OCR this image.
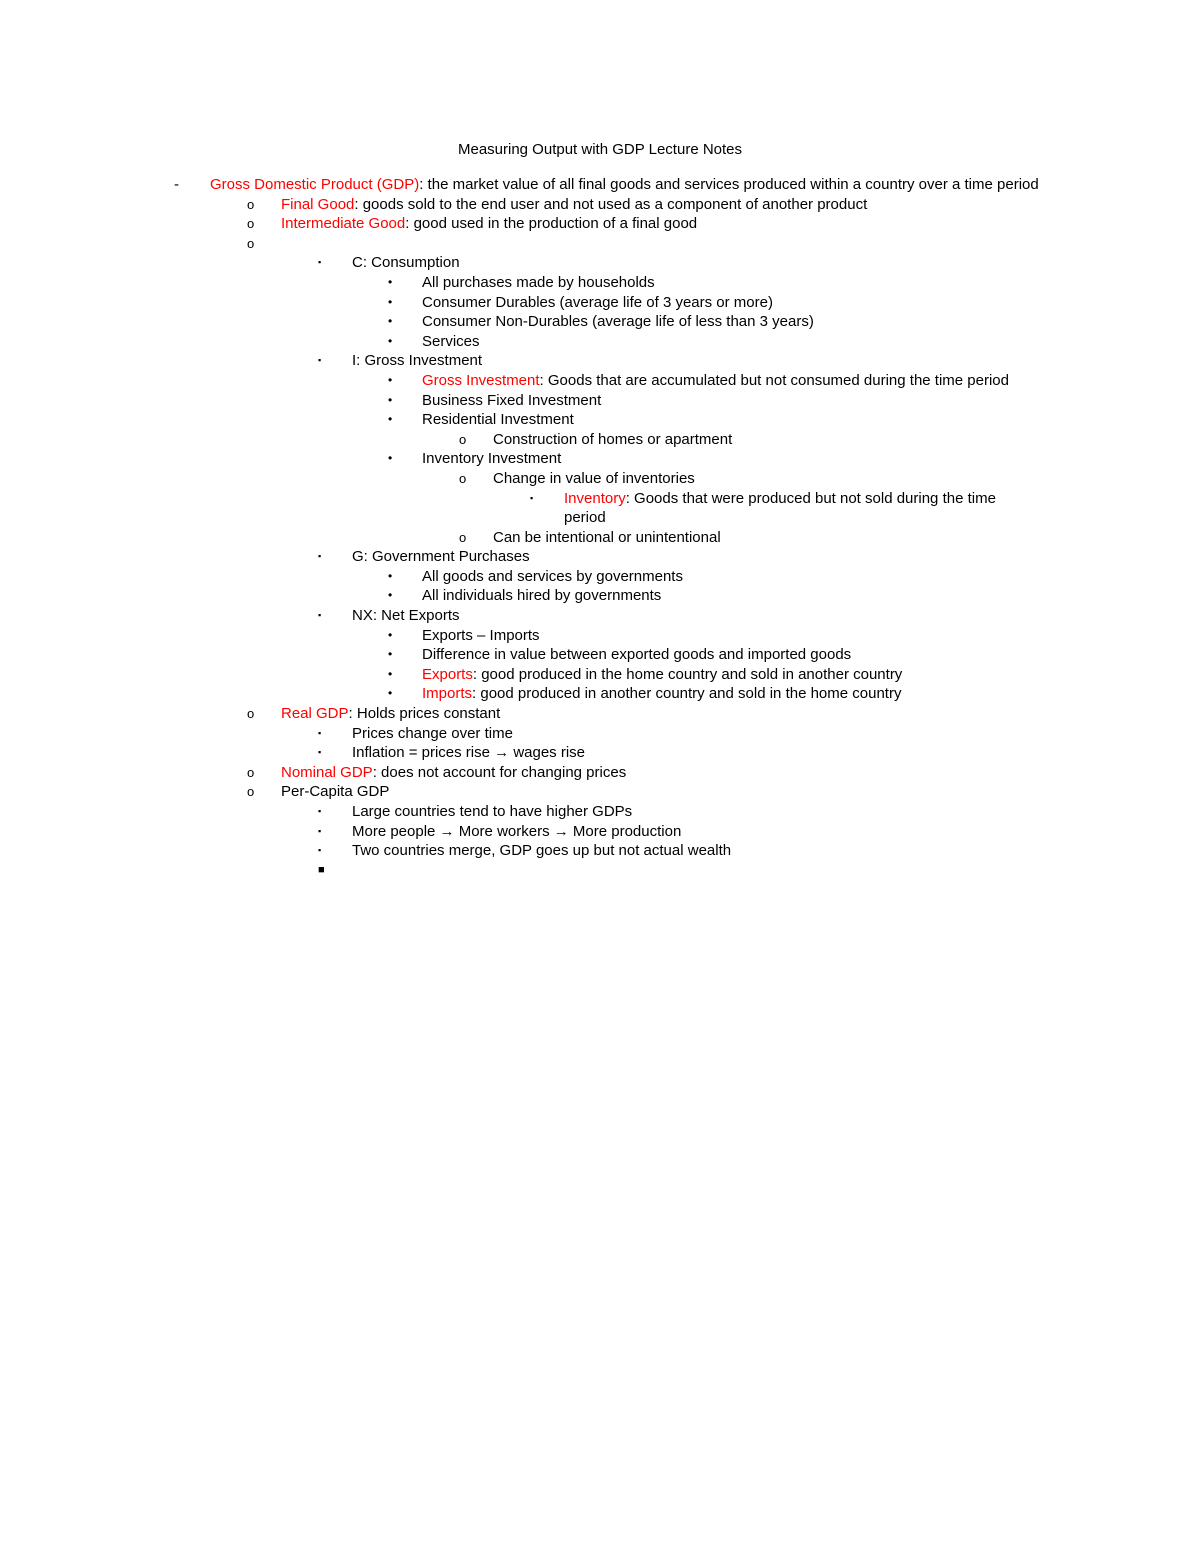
Measuring Output with GDP Lecture Notes
-	Gross Domestic Product (GDP): the market value of all final goods and services produced within a country over a time period
o	Final Good: goods sold to the end user and not used as a component of another product
o	Intermediate Good: good used in the production of a final good
o

▪	C: Consumption
•	All purchases made by households
•	Consumer Durables (average life of 3 years or more)
•	Consumer Non-Durables (average life of less than 3 years)
•	Services
▪	I: Gross Investment
•	Gross Investment: Goods that are accumulated but not consumed during the time period
•	Business Fixed Investment
•	Residential Investment
o	Construction of homes or apartment
•	Inventory Investment
o	Change in value of inventories
▪	Inventory: Goods that were produced but not sold during the time period
o	Can be intentional or unintentional
▪	G: Government Purchases
•	All goods and services by governments
•	All individuals hired by governments
▪	NX: Net Exports
•	Exports – Imports
•	Difference in value between exported goods and imported goods
•	Exports: good produced in the home country and sold in another country
•	Imports: good produced in another country and sold in the home country
o	Real GDP: Holds prices constant
▪	Prices change over time
▪	Inflation = prices rise → wages rise
o	Nominal GDP: does not account for changing prices
o	Per-Capita GDP
▪	Large countries tend to have higher GDPs
▪	More people → More workers → More production
▪	Two countries merge, GDP goes up but not actual wealth
■
